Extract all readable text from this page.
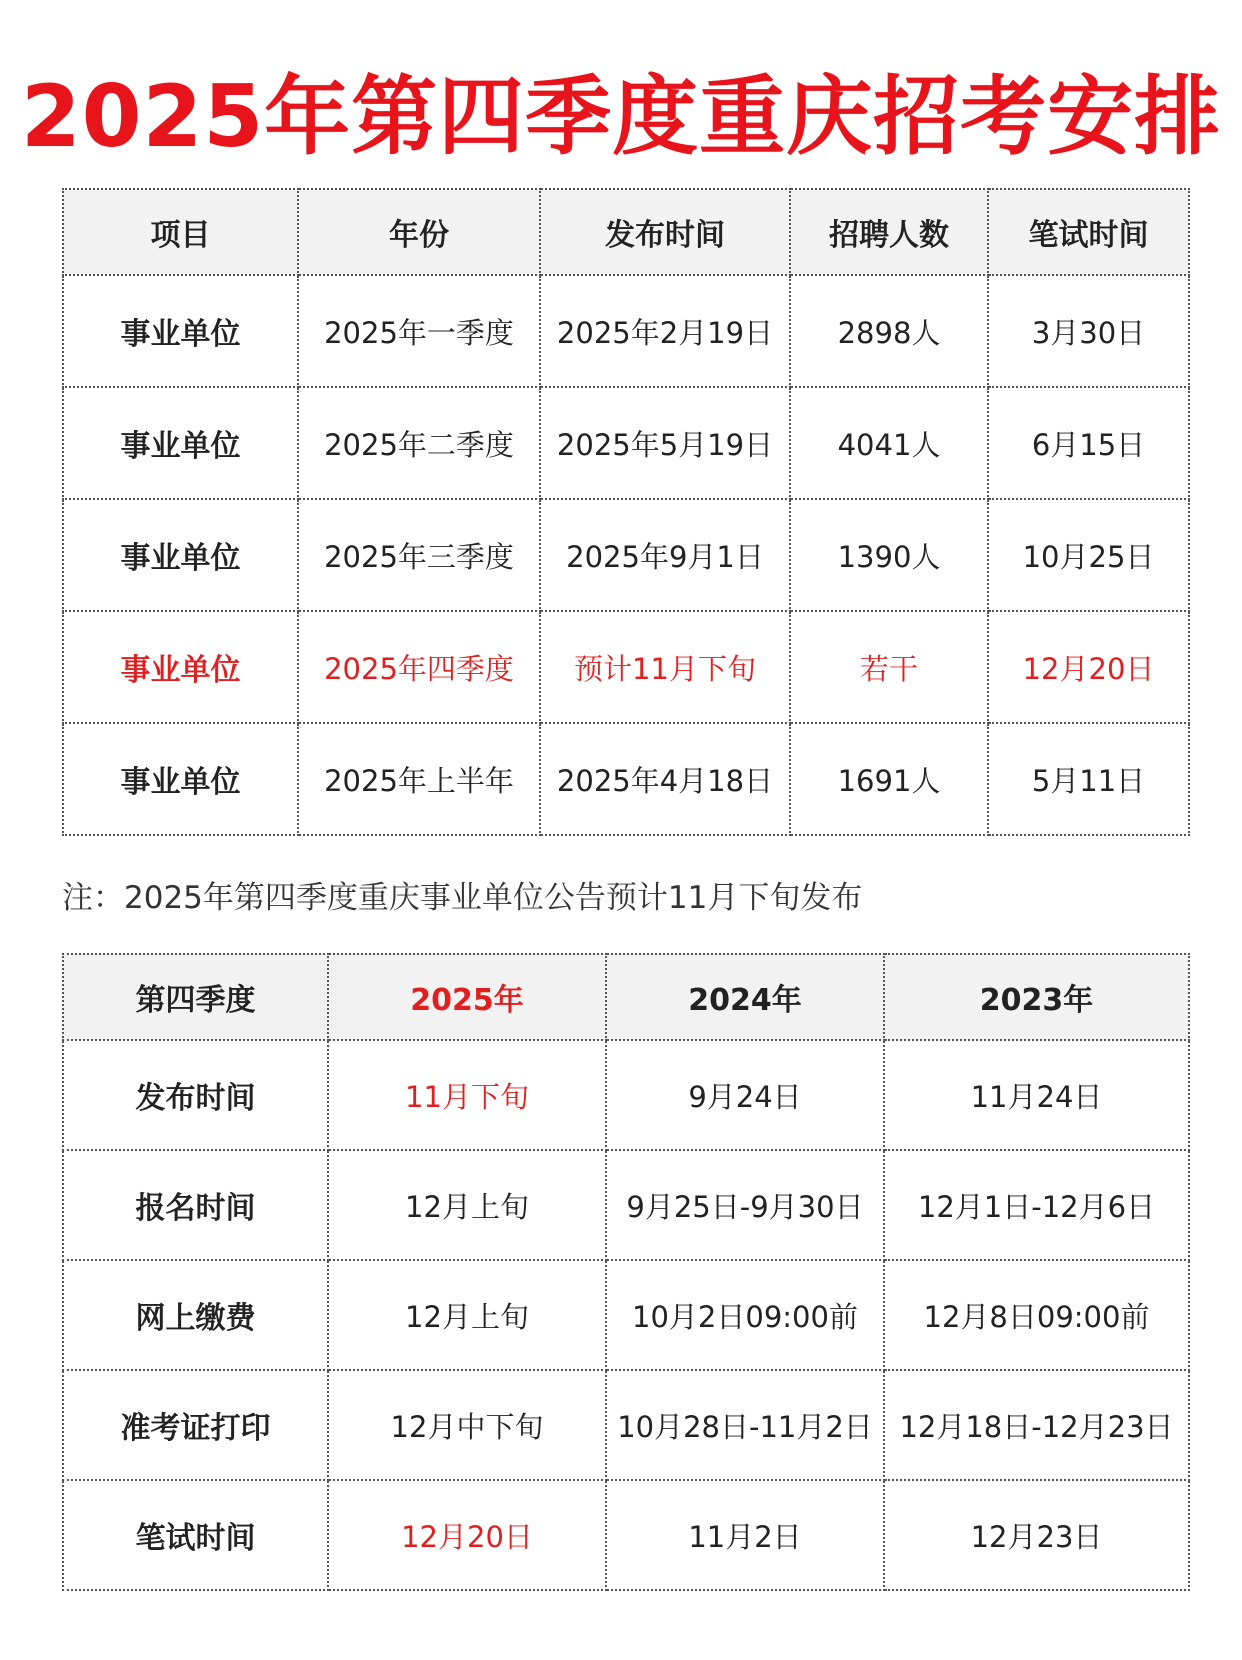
2025年第四季度重庆招考安排
项目	年份	发布时间	招聘人数	笔试时间
事业单位	2025年一季度	2025年2月19日	2898人	3月30日
事业单位	2025年二季度	2025年5月19日	4041人	6月15日
事业单位	2025年三季度	2025年9月1日	1390人	10月25日
事业单位	2025年四季度	预计11月下旬	若干	12月20日
事业单位	2025年上半年	2025年4月18日	1691人	5月11日
注：2025年第四季度重庆事业单位公告预计11月下旬发布
第四季度	2025年	2024年	2023年
发布时间	11月下旬	9月24日	11月24日
报名时间	12月上旬	9月25日-9月30日	12月1日-12月6日
网上缴费	12月上旬	10月2日09:00前	12月8日09:00前
准考证打印	12月中下旬	10月28日-11月2日	12月18日-12月23日
笔试时间	12月20日	11月2日	12月23日
